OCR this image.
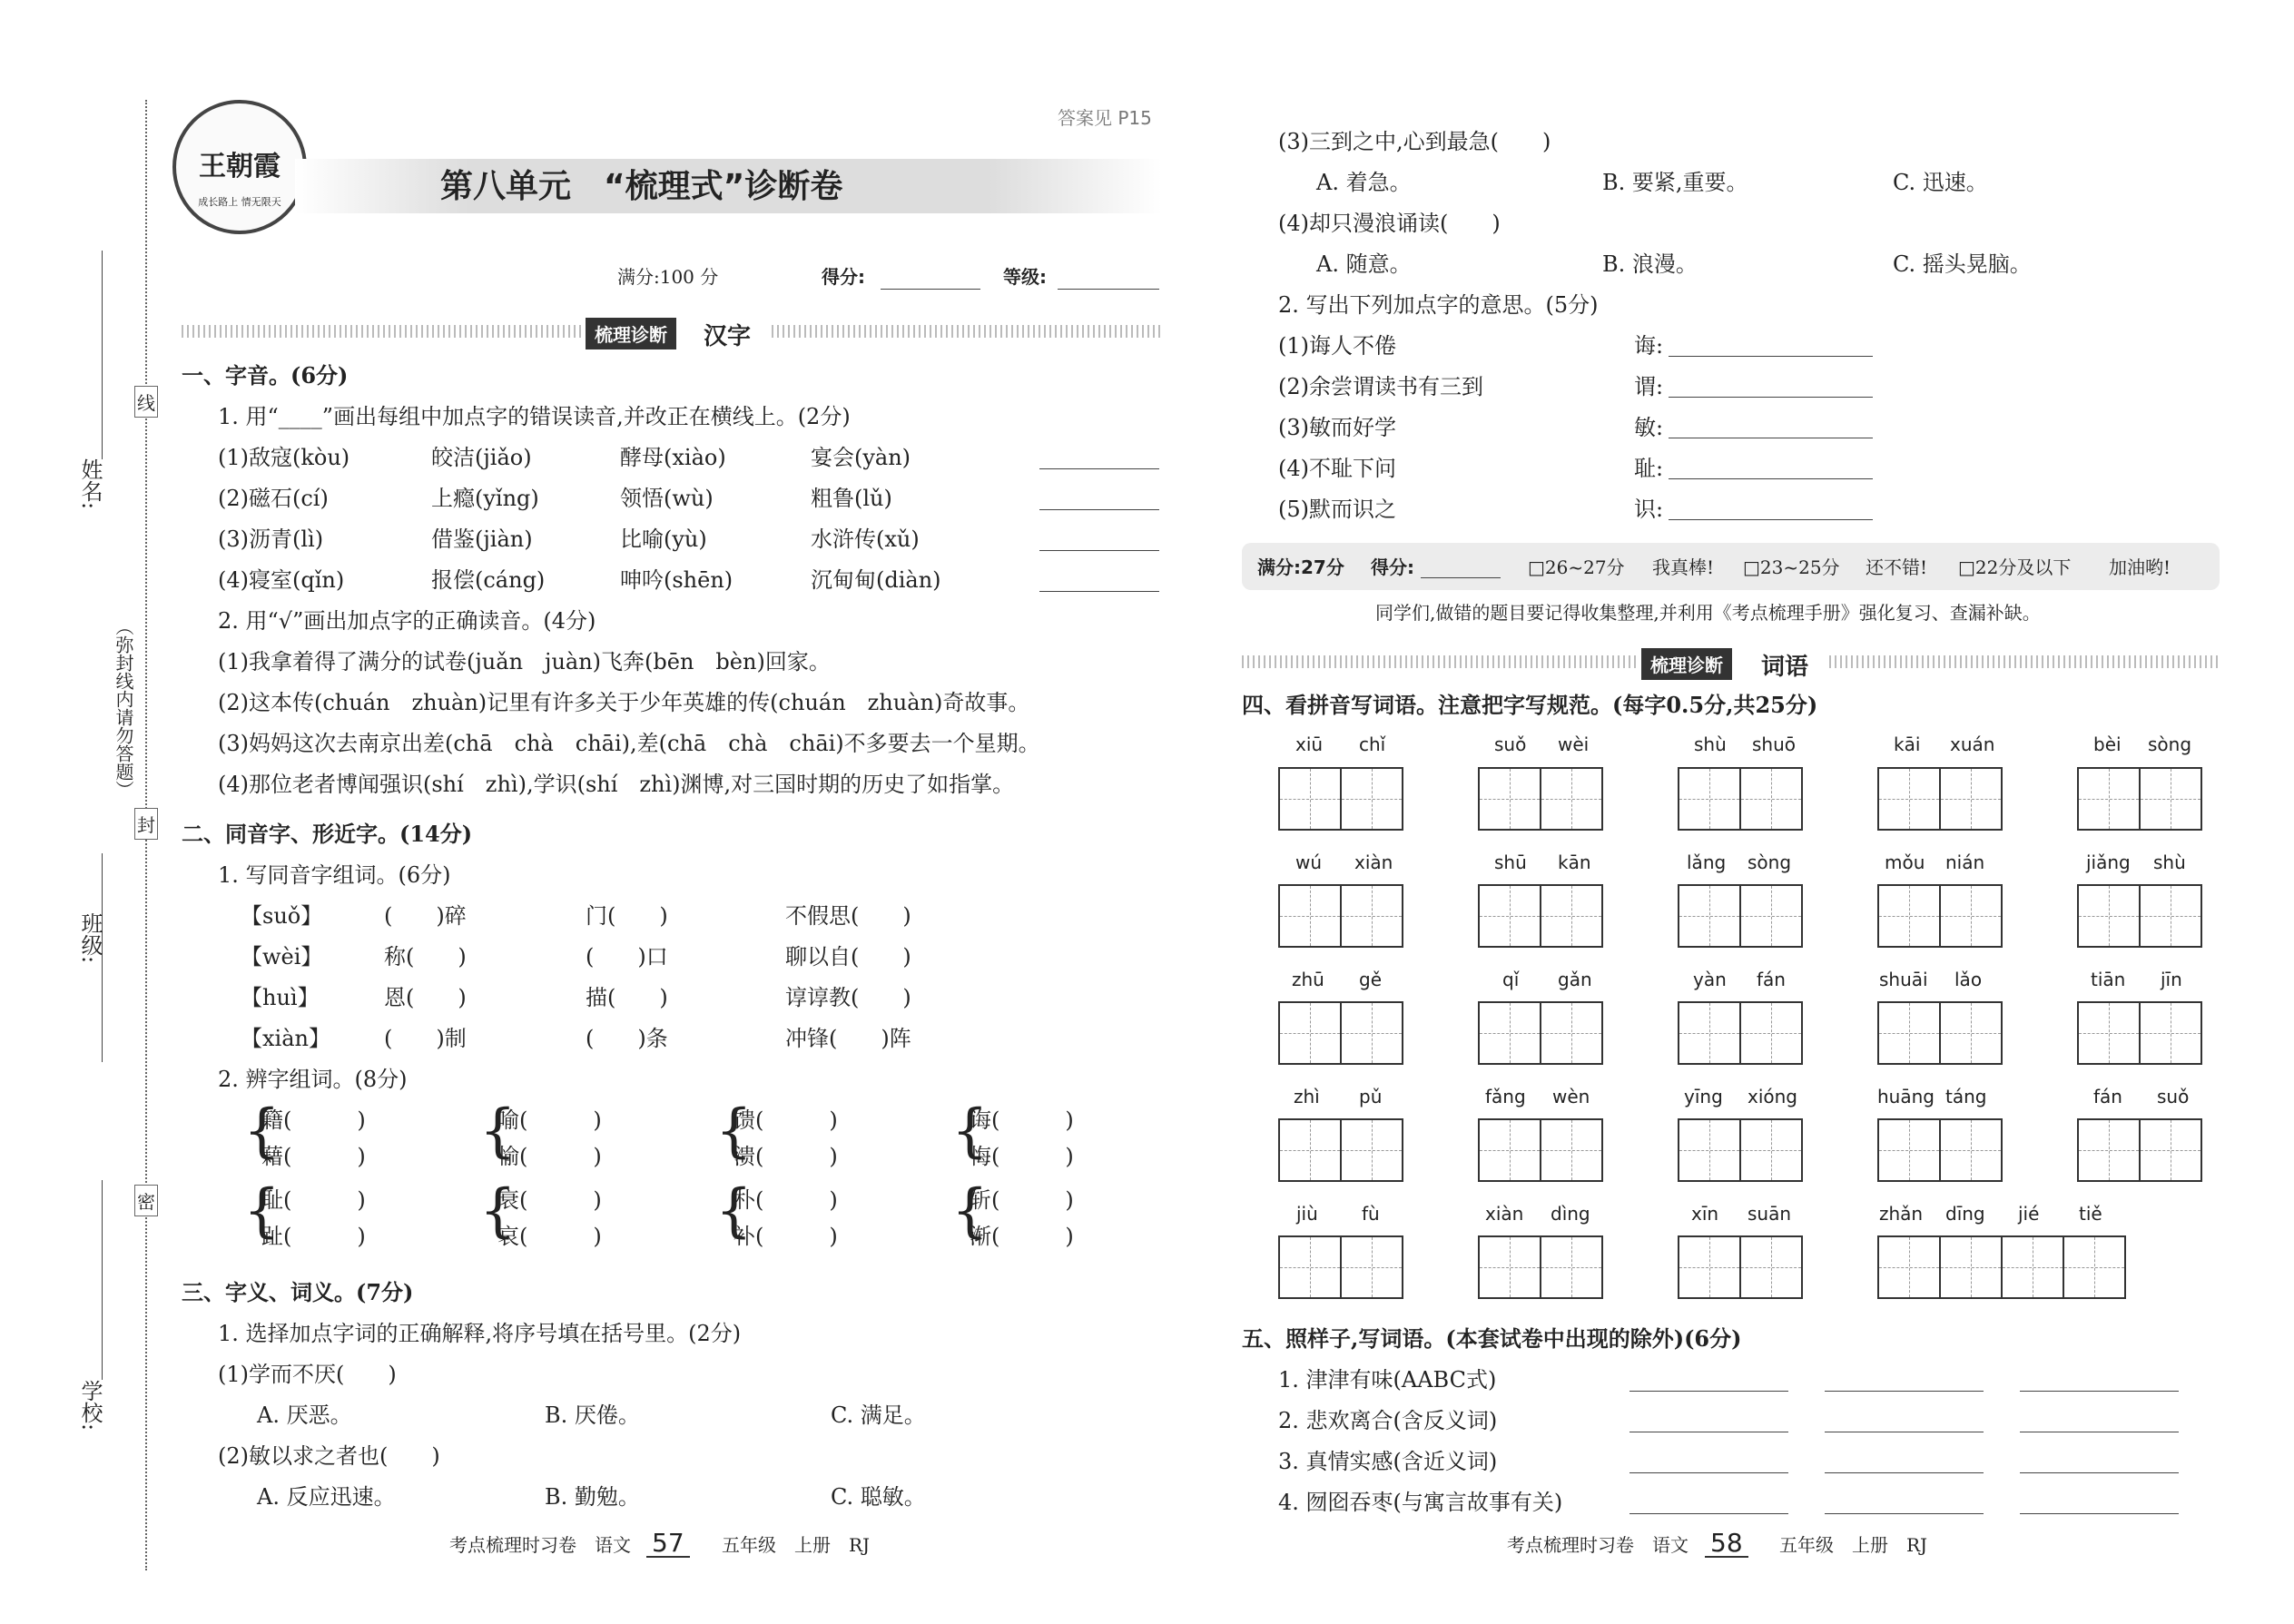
姓名:
班级:
学校:
（弥封线内请勿答题）
线
封
密
王朝霞
成长路上 情无限天
答案见 P15
第八单元　“梳理式”诊断卷
满分:100 分	得分:	等级:
梳理诊断	汉字
一、字音。(6分)
1. 用“____”画出每组中加点字的错误读音,并改正在横线上。(2分)
(1)敌寇(kòu)	皎洁(jiǎo)	酵母(xiào)	宴会(yàn)
(2)磁石(cí)	上瘾(yǐng)	领悟(wù)	粗鲁(lǔ)
(3)沥青(lì)	借鉴(jiàn)	比喻(yù)	水浒传(xǔ)
(4)寝室(qǐn)	报偿(cáng)	呻吟(shēn)	沉甸甸(diàn)
2. 用“√”画出加点字的正确读音。(4分)
(1)我拿着得了满分的试卷(juǎn　juàn)飞奔(bēn　bèn)回家。
(2)这本传(chuán　zhuàn)记里有许多关于少年英雄的传(chuán　zhuàn)奇故事。
(3)妈妈这次去南京出差(chā　chà　chāi),差(chā　chà　chāi)不多要去一个星期。
(4)那位老者博闻强识(shí　zhì),学识(shí　zhì)渊博,对三国时期的历史了如指掌。
二、同音字、形近字。(14分)
1. 写同音字组词。(6分)
【suǒ】	(　　)碎	门(　　)	不假思(　　)
【wèi】	称(　　)	(　　)口	聊以自(　　)
【huì】	恩(　　)	描(　　)	谆谆教(　　)
【xiàn】 (　　)制	(　　)条	冲锋(　　)阵
2. 辨字组词。(8分)
{
籍(　　　)
藉(　　　) {
喻(　　　)
愉(　　　) {
馈(　　　)
溃(　　　) {
诲(　　　)
悔(　　　)
{
耻(　　　)
趾(　　　) {
衰(　　　)
哀(　　　) {
朴(　　　)
补(　　　) {
斩(　　　)
渐(　　　)
三、字义、词义。(7分)
1. 选择加点字词的正确解释,将序号填在括号里。(2分)
(1)学而不厌(　　)
A. 厌恶。	B. 厌倦。	C. 满足。
(2)敏以求之者也(　　)
A. 反应迅速。	B. 勤勉。	C. 聪敏。
考点梳理时习卷　语文 57	五年级　上册　RJ
(3)三到之中,心到最急(　　)
A. 着急。	B. 要紧,重要。	C. 迅速。
(4)却只漫浪诵读(　　)
A. 随意。	B. 浪漫。	C. 摇头晃脑。
2. 写出下列加点字的意思。(5分)
(1)诲人不倦	诲:
(2)余尝谓读书有三到	谓:
(3)敏而好学	敏:
(4)不耻下问	耻:
(5)默而识之	识:
满分:27分 得分:	□26~27分 我真棒! □23~25分 还不错! □22分及以下 加油哟!
同学们,做错的题目要记得收集整理,并利用《考点梳理手册》强化复习、查漏补缺。
梳理诊断	词语
四、看拼音写词语。注意把字写规范。(每字0.5分,共25分)
xiū chǐ	suǒ wèi	shù shuō	kāi xuán	bèi sòng
wú xiàn	shū kān	lǎng sòng	mǒu nián	jiǎng shù
zhū gě	qǐ gǎn	yàn fán	shuāi lǎo	tiān jīn
zhì pǔ	fǎng wèn	yīng xióng	huāng táng	fán suǒ
jiù fù	xiàn dìng	xīn suān	zhǎn dīng jié tiě
五、照样子,写词语。(本套试卷中出现的除外)(6分)
1. 津津有味(AABC式)
2. 悲欢离合(含反义词)
3. 真情实感(含近义词)
4. 囫囵吞枣(与寓言故事有关)
考点梳理时习卷　语文 58	五年级　上册　RJ
